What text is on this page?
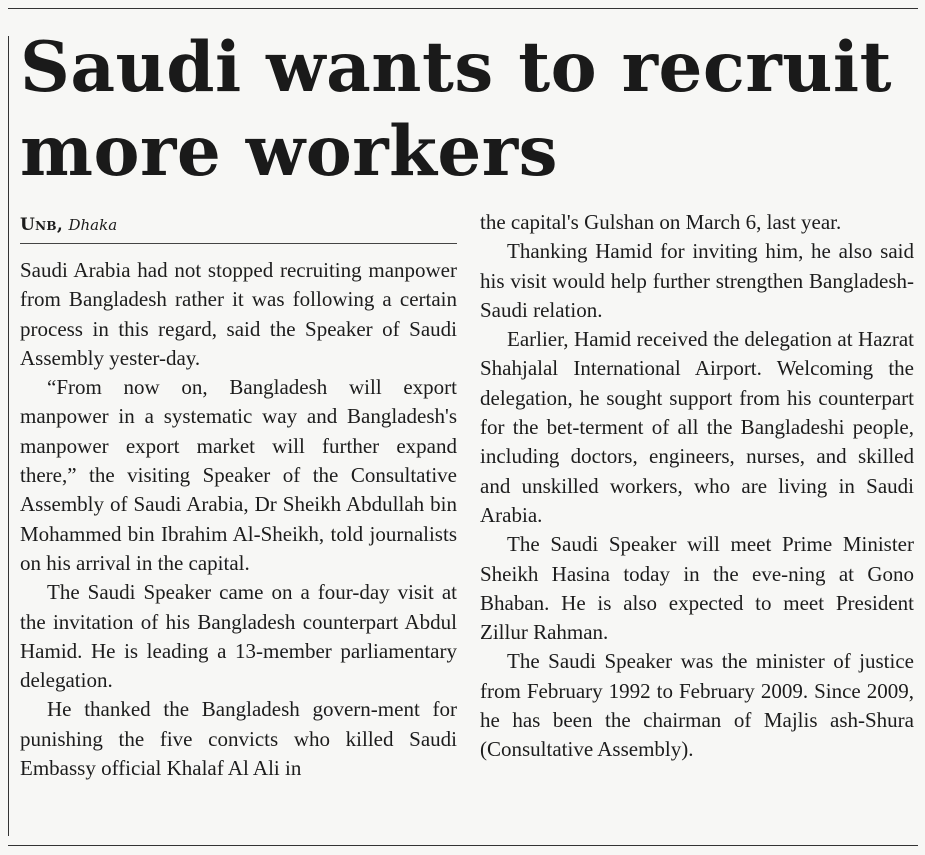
Saudi wants to recruit more workers
Unb, Dhaka

Saudi Arabia had not stopped recruiting manpower from Bangladesh rather it was following a certain process in this regard, said the Speaker of Saudi Assembly yester-day.

“From now on, Bangladesh will export manpower in a systematic way and Bangladesh's manpower export market will further expand there,” the visiting Speaker of the Consultative Assembly of Saudi Arabia, Dr Sheikh Abdullah bin Mohammed bin Ibrahim Al-Sheikh, told journalists on his arrival in the capital.

The Saudi Speaker came on a four-day visit at the invitation of his Bangladesh counterpart Abdul Hamid. He is leading a 13-member parliamentary delegation.

He thanked the Bangladesh govern-ment for punishing the five convicts who killed Saudi Embassy official Khalaf Al Ali in

the capital's Gulshan on March 6, last year.

Thanking Hamid for inviting him, he also said his visit would help further strengthen Bangladesh-Saudi relation.

Earlier, Hamid received the delegation at Hazrat Shahjalal International Airport. Welcoming the delegation, he sought support from his counterpart for the bet-terment of all the Bangladeshi people, including doctors, engineers, nurses, and skilled and unskilled workers, who are living in Saudi Arabia.

The Saudi Speaker will meet Prime Minister Sheikh Hasina today in the eve-ning at Gono Bhaban. He is also expected to meet President Zillur Rahman.

The Saudi Speaker was the minister of justice from February 1992 to February 2009. Since 2009, he has been the chairman of Majlis ash-Shura (Consultative Assembly).
